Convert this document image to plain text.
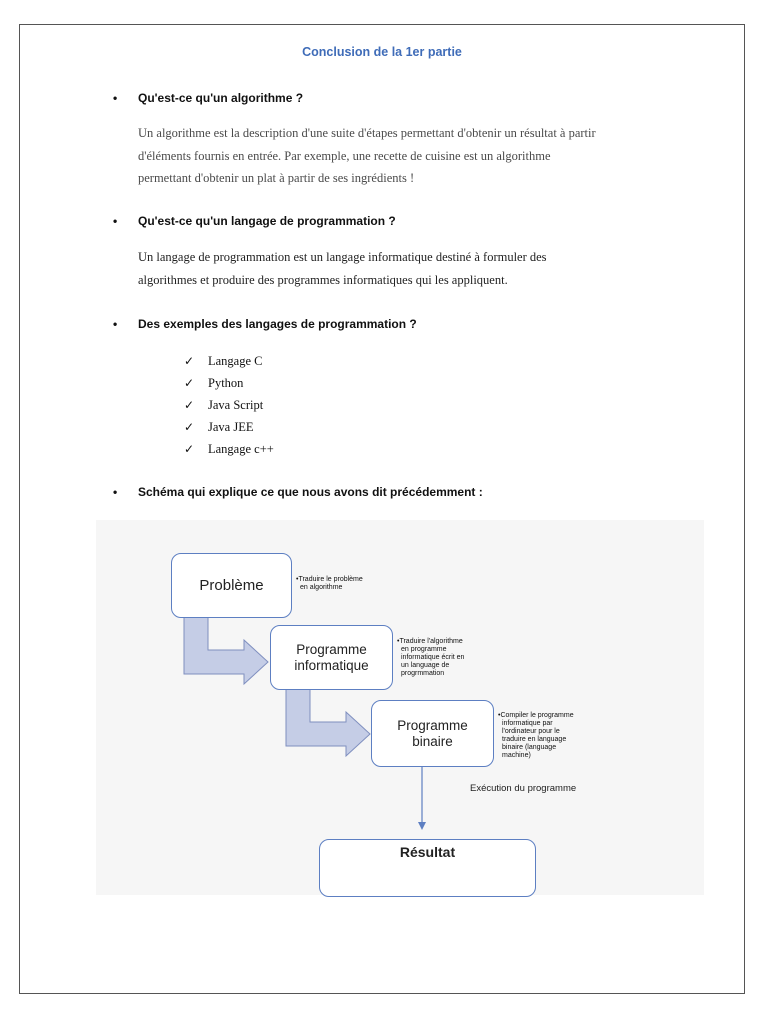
Conclusion de la 1er partie
• Qu'est-ce qu'un algorithme ?
Un algorithme est la description d'une suite d'étapes permettant d'obtenir un résultat à partir
d'éléments fournis en entrée. Par exemple, une recette de cuisine est un algorithme
permettant d'obtenir un plat à partir de ses ingrédients !
• Qu'est-ce qu'un langage de programmation ?
Un langage de programmation est un langage informatique destiné à formuler des
algorithmes et produire des programmes informatiques qui les appliquent.
• Des exemples des langages de programmation ?
✓ Langage C
✓ Python
✓ Java Script
✓ Java JEE
✓ Langage c++
• Schéma qui explique ce que nous avons dit précédemment :
Problème
Programme
informatique
Programme
binaire
Résultat
•Traduire le problème
en algorithme
•Traduire l'algorithme
en programme
informatique écrit en
un language de
progrmmation
•Compiler le programme
informatique par
l'ordinateur pour le
traduire en language
binaire (language
machine)
Exécution du programme
